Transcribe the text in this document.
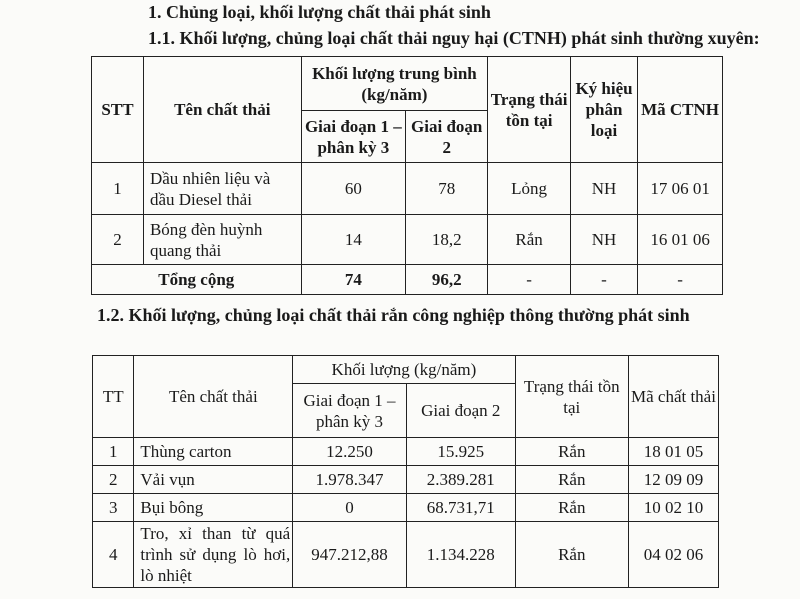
1. Chủng loại, khối lượng chất thải phát sinh
1.1. Khối lượng, chủng loại chất thải nguy hại (CTNH) phát sinh thường xuyên:
STT	Tên chất thải	Khối lượng trung bình (kg/năm)		Trạng thái tồn tại	Ký hiệu phân loại	Mã CTNH
		Giai đoạn 1 – phân kỳ 3	Giai đoạn 2			
1	Dầu nhiên liệu và dầu Diesel thải	60	78	Lỏng	NH	17 06 01
2	Bóng đèn huỳnh quang thải	14	18,2	Rắn	NH	16 01 06
Tổng cộng		74	96,2	-	-	-
1.2. Khối lượng, chủng loại chất thải rắn công nghiệp thông thường phát sinh
TT	Tên chất thải	Khối lượng (kg/năm)		Trạng thái tồn tại	Mã chất thải
		Giai đoạn 1 – phân kỳ 3	Giai đoạn 2		
1	Thùng carton	12.250	15.925	Rắn	18 01 05
2	Vải vụn	1.978.347	2.389.281	Rắn	12 09 09
3	Bụi bông	0	68.731,71	Rắn	10 02 10
4	Tro, xỉ than từ quá trình sử dụng lò hơi, lò nhiệt	947.212,88	1.134.228	Rắn	04 02 06
